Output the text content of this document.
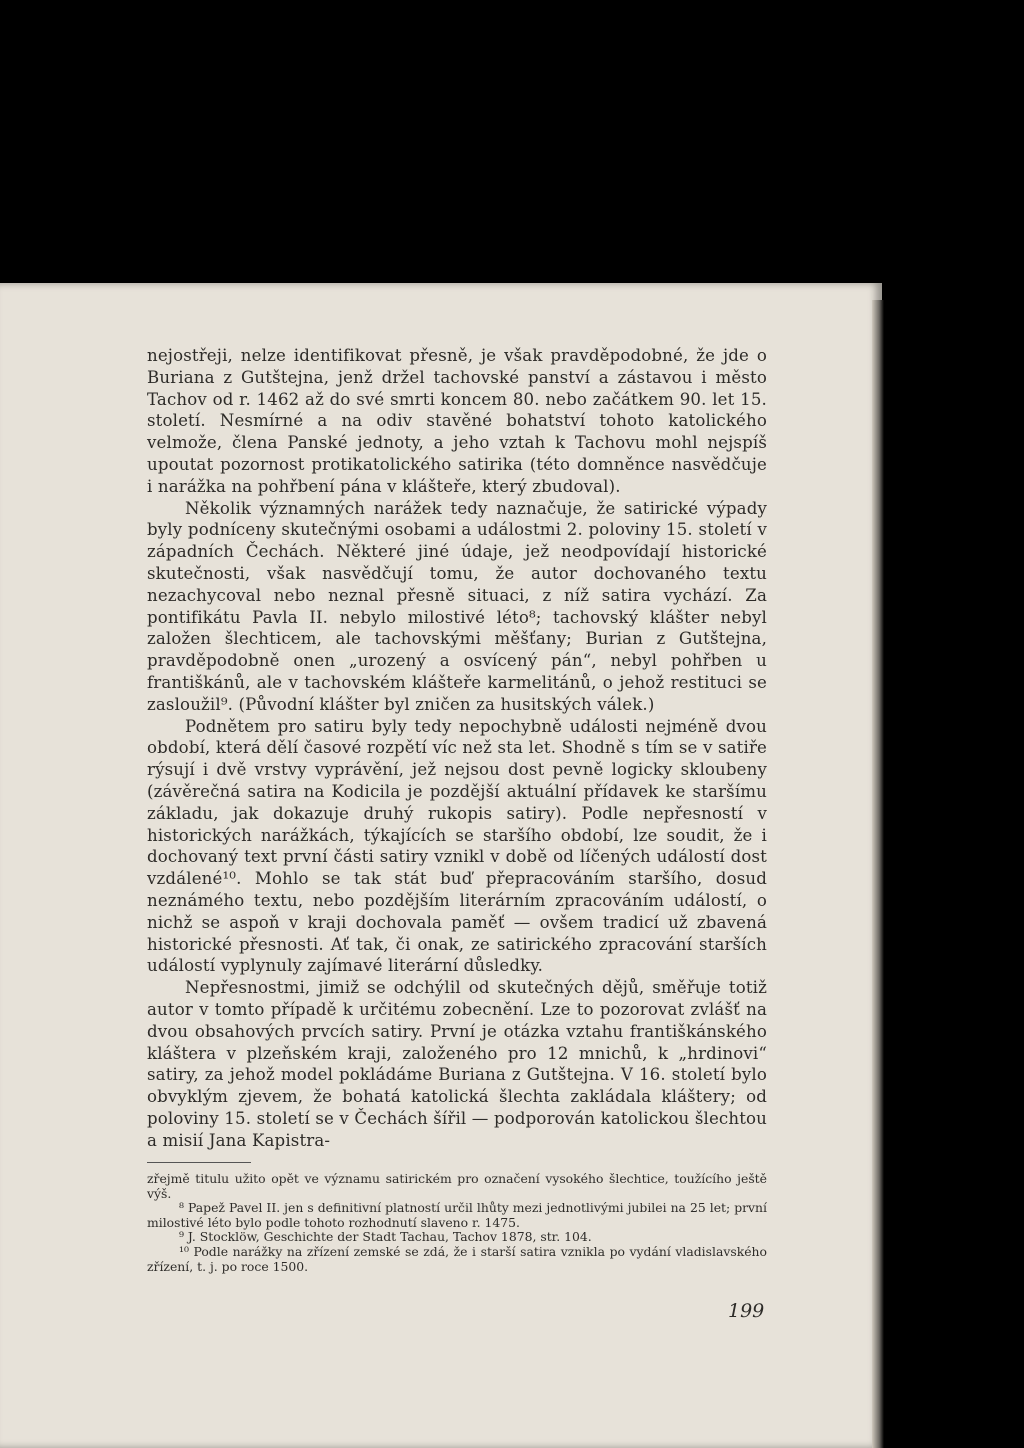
nejostřeji, nelze identifikovat přesně, je však pravděpodobné, že jde o Buriana z Gutštejna, jenž držel tachovské panství a zástavou i město Tachov od r. 1462 až do své smrti koncem 80. nebo začátkem 90. let 15. století. Nesmírné a na odiv stavěné bohatství tohoto katolického velmože, člena Panské jednoty, a jeho vztah k Tachovu mohl nejspíš upoutat pozornost protikatolického satirika (této domněnce nasvědčuje i narážka na pohřbení pána v klášteře, který zbudoval).

Několik významných narážek tedy naznačuje, že satirické výpady byly podníceny skutečnými osobami a událostmi 2. poloviny 15. století v západních Čechách. Některé jiné údaje, jež neodpovídají historické skutečnosti, však nasvědčují tomu, že autor dochovaného textu nezachycoval nebo neznal přesně situaci, z níž satira vychází. Za pontifikátu Pavla II. nebylo milostivé léto⁸; tachovský klášter nebyl založen šlechticem, ale tachovskými měšťany; Burian z Gutštejna, pravděpodobně onen „urozený a osvícený pán“, nebyl pohřben u františkánů, ale v tachovském klášteře karmelitánů, o jehož restituci se zasloužil⁹. (Původní klášter byl zničen za husitských válek.)

Podnětem pro satiru byly tedy nepochybně události nejméně dvou období, která dělí časové rozpětí víc než sta let. Shodně s tím se v satiře rýsují i dvě vrstvy vyprávění, jež nejsou dost pevně logicky skloubeny (závěrečná satira na Kodicila je pozdější aktuální přídavek ke staršímu základu, jak dokazuje druhý rukopis satiry). Podle nepřesností v historických narážkách, týkajících se staršího období, lze soudit, že i dochovaný text první části satiry vznikl v době od líčených událostí dost vzdálené¹⁰. Mohlo se tak stát buď přepracováním staršího, dosud neznámého textu, nebo pozdějším literárním zpracováním událostí, o nichž se aspoň v kraji dochovala paměť — ovšem tradicí už zbavená historické přesnosti. Ať tak, či onak, ze satirického zpracování starších událostí vyplynuly zajímavé literární důsledky.

Nepřesnostmi, jimiž se odchýlil od skutečných dějů, směřuje totiž autor v tomto případě k určitému zobecnění. Lze to pozorovat zvlášť na dvou obsahových prvcích satiry. První je otázka vztahu františkánského kláštera v plzeňském kraji, založeného pro 12 mnichů, k „hrdinovi“ satiry, za jehož model pokládáme Buriana z Gutštejna. V 16. století bylo obvyklým zjevem, že bohatá katolická šlechta zakládala kláštery; od poloviny 15. století se v Čechách šířil — podporován katolickou šlechtou a misií Jana Kapistra-

zřejmě titulu užito opět ve významu satirickém pro označení vysokého šlechtice, toužícího ještě výš.

⁸ Papež Pavel II. jen s definitivní platností určil lhůty mezi jednotlivými jubilei na 25 let; první milostivé léto bylo podle tohoto rozhodnutí slaveno r. 1475.

⁹ J. Stocklöw, Geschichte der Stadt Tachau, Tachov 1878, str. 104.

¹⁰ Podle narážky na zřízení zemské se zdá, že i starší satira vznikla po vydání vladislavského zřízení, t. j. po roce 1500.

199
